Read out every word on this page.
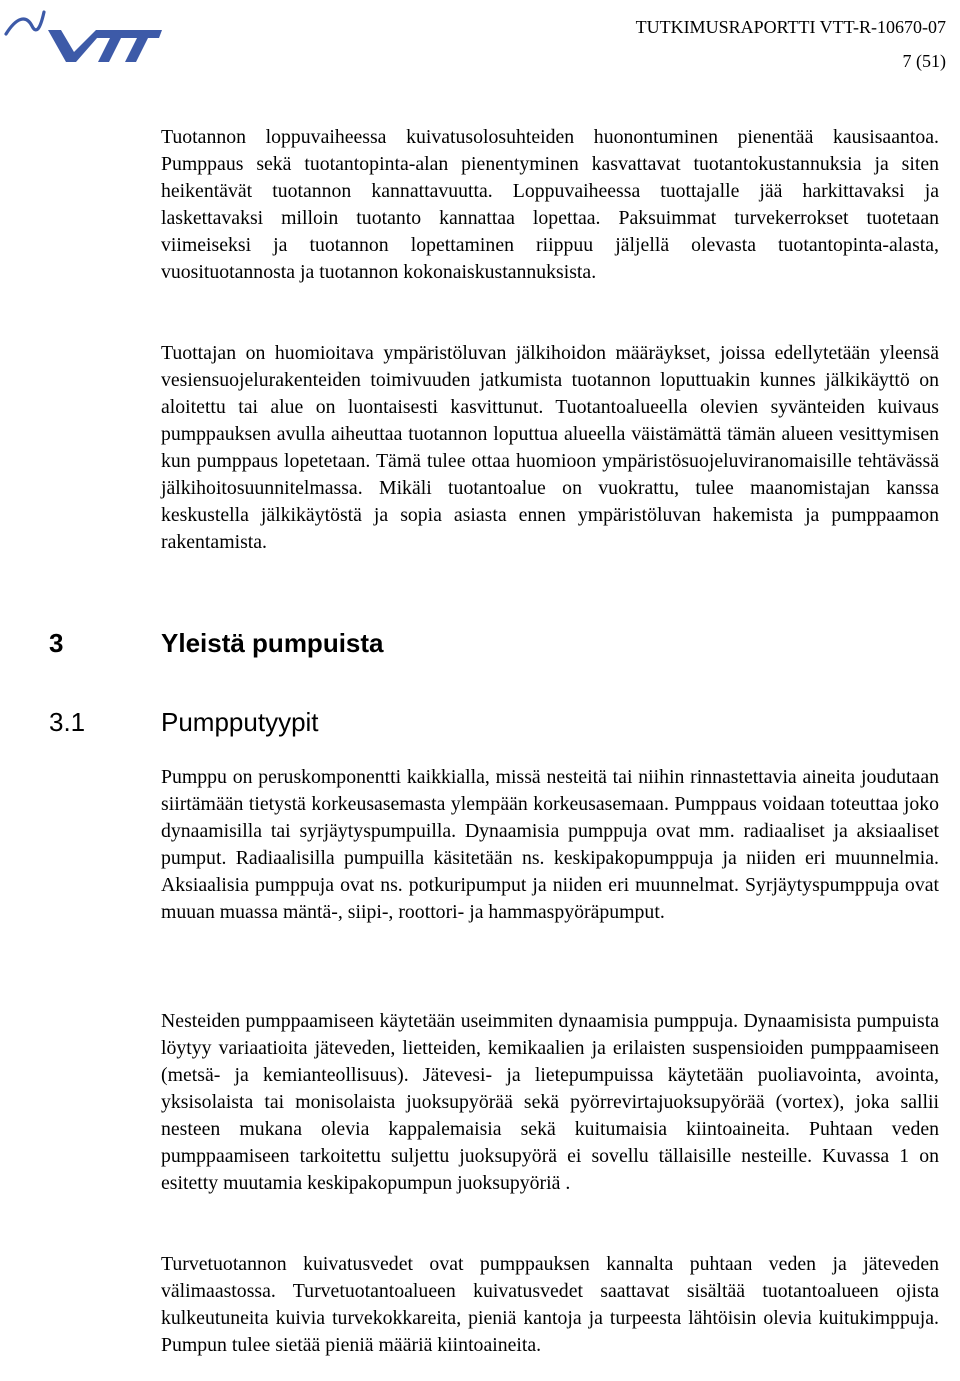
TUTKIMUSRAPORTTI VTT-R-10670-07
7 (51)

Tuotannon loppuvaiheessa kuivatusolosuhteiden huonontuminen pienentää kausisaantoa. Pumppaus sekä tuotantopinta-alan pienentyminen kasvattavat tuotantokustannuksia ja siten heikentävät tuotannon kannattavuutta. Loppuvaiheessa tuottajalle jää harkittavaksi ja laskettavaksi milloin tuotanto kannattaa lopettaa. Paksuimmat turvekerrokset tuotetaan viimeiseksi ja tuotannon lopettaminen riippuu jäljellä olevasta tuotantopinta-alasta, vuosituotannosta ja tuotannon kokonaiskustannuksista.

Tuottajan on huomioitava ympäristöluvan jälkihoidon määräykset, joissa edellytetään yleensä vesiensuojelurakenteiden toimivuuden jatkumista tuotannon loputtuakin kunnes jälkikäyttö on aloitettu tai alue on luontaisesti kasvittunut. Tuotantoalueella olevien syvänteiden kuivaus pumppauksen avulla aiheuttaa tuotannon loputtua alueella väistämättä tämän alueen vesittymisen kun pumppaus lopetetaan. Tämä tulee ottaa huomioon ympäristösuojeluviranomaisille tehtävässä jälkihoitosuunnitelmassa. Mikäli tuotantoalue on vuokrattu, tulee maanomistajan kanssa keskustella jälkikäytöstä ja sopia asiasta ennen ympäristöluvan hakemista ja pumppaamon rakentamista.

3	Yleistä pumpuista
3.1	Pumpputyypit

Pumppu on peruskomponentti kaikkialla, missä nesteitä tai niihin rinnastettavia aineita joudutaan siirtämään tietystä korkeusasemasta ylempään korkeusasemaan. Pumppaus voidaan toteuttaa joko dynaamisilla tai syrjäytyspumpuilla. Dynaamisia pumppuja ovat mm. radiaaliset ja aksiaaliset pumput. Radiaalisilla pumpuilla käsitetään ns. keskipakopumppuja ja niiden eri muunnelmia. Aksiaalisia pumppuja ovat ns. potkuripumput ja niiden eri muunnelmat. Syrjäytyspumppuja ovat muuan muassa mäntä-, siipi-, roottori- ja hammaspyöräpumput.

Nesteiden pumppaamiseen käytetään useimmiten dynaamisia pumppuja. Dynaamisista pumpuista löytyy variaatioita jäteveden, lietteiden, kemikaalien ja erilaisten suspensioiden pumppaamiseen (metsä- ja kemianteollisuus). Jätevesi- ja lietepumpuissa käytetään puoliavointa, avointa, yksisolaista tai monisolaista juoksupyörää sekä pyörrevirtajuoksupyörää (vortex), joka sallii nesteen mukana olevia kappalemaisia sekä kuitumaisia kiintoaineita. Puhtaan veden pumppaamiseen tarkoitettu suljettu juoksupyörä ei sovellu tällaisille nesteille. Kuvassa 1 on esitetty muutamia keskipakopumpun juoksupyöriä .

Turvetuotannon kuivatusvedet ovat pumppauksen kannalta puhtaan veden ja jäteveden välimaastossa. Turvetuotantoalueen kuivatusvedet saattavat sisältää tuotantoalueen ojista kulkeutuneita kuivia turvekokkareita, pieniä kantoja ja turpeesta lähtöisin olevia kuitukimppuja. Pumpun tulee sietää pieniä määriä kiintoaineita.
